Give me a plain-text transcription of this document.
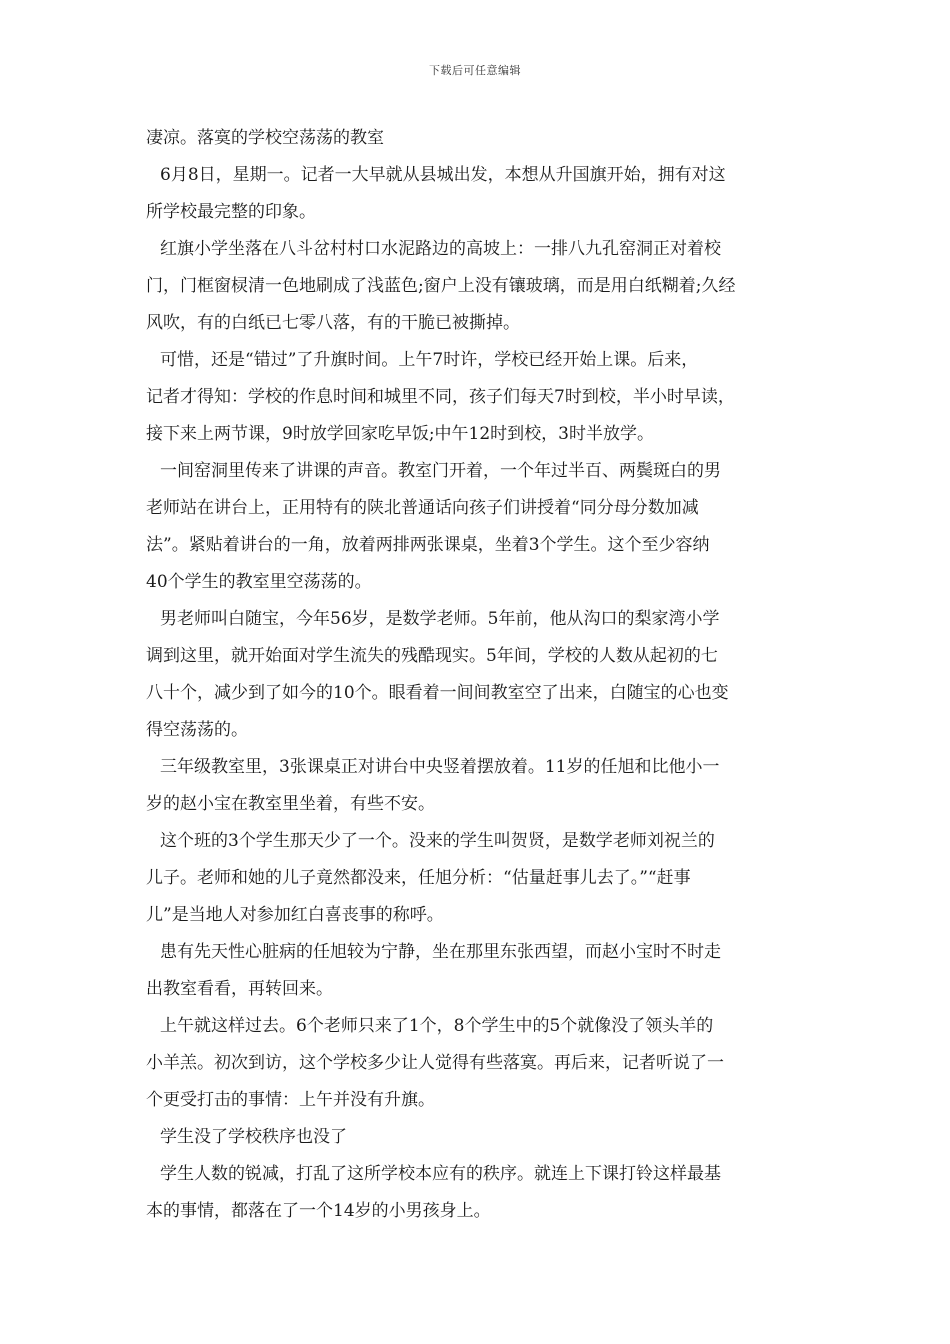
下载后可任意编辑
凄凉。落寞的学校空荡荡的教室
6月8日，星期一。记者一大早就从县城出发，本想从升国旗开始，拥有对这
所学校最完整的印象。
红旗小学坐落在八斗岔村村口水泥路边的高坡上：一排八九孔窑洞正对着校
门，门框窗棂清一色地刷成了浅蓝色;窗户上没有镶玻璃，而是用白纸糊着;久经
风吹，有的白纸已七零八落，有的干脆已被撕掉。
可惜，还是“错过”了升旗时间。上午7时许，学校已经开始上课。后来，
记者才得知：学校的作息时间和城里不同，孩子们每天7时到校，半小时早读，
接下来上两节课，9时放学回家吃早饭;中午12时到校，3时半放学。
一间窑洞里传来了讲课的声音。教室门开着，一个年过半百、两鬓斑白的男
老师站在讲台上，正用特有的陕北普通话向孩子们讲授着“同分母分数加减
法”。紧贴着讲台的一角，放着两排两张课桌，坐着3个学生。这个至少容纳
40个学生的教室里空荡荡的。
男老师叫白随宝，今年56岁，是数学老师。5年前，他从沟口的梨家湾小学
调到这里，就开始面对学生流失的残酷现实。5年间，学校的人数从起初的七
八十个，减少到了如今的10个。眼看着一间间教室空了出来，白随宝的心也变
得空荡荡的。
三年级教室里，3张课桌正对讲台中央竖着摆放着。11岁的任旭和比他小一
岁的赵小宝在教室里坐着，有些不安。
这个班的3个学生那天少了一个。没来的学生叫贺贤，是数学老师刘祝兰的
儿子。老师和她的儿子竟然都没来，任旭分析：“估量赶事儿去了。”“赶事
儿”是当地人对参加红白喜丧事的称呼。
患有先天性心脏病的任旭较为宁静，坐在那里东张西望，而赵小宝时不时走
出教室看看，再转回来。
上午就这样过去。6个老师只来了1个，8个学生中的5个就像没了领头羊的
小羊羔。初次到访，这个学校多少让人觉得有些落寞。再后来，记者听说了一
个更受打击的事情：上午并没有升旗。
学生没了学校秩序也没了
学生人数的锐减，打乱了这所学校本应有的秩序。就连上下课打铃这样最基
本的事情，都落在了一个14岁的小男孩身上。
